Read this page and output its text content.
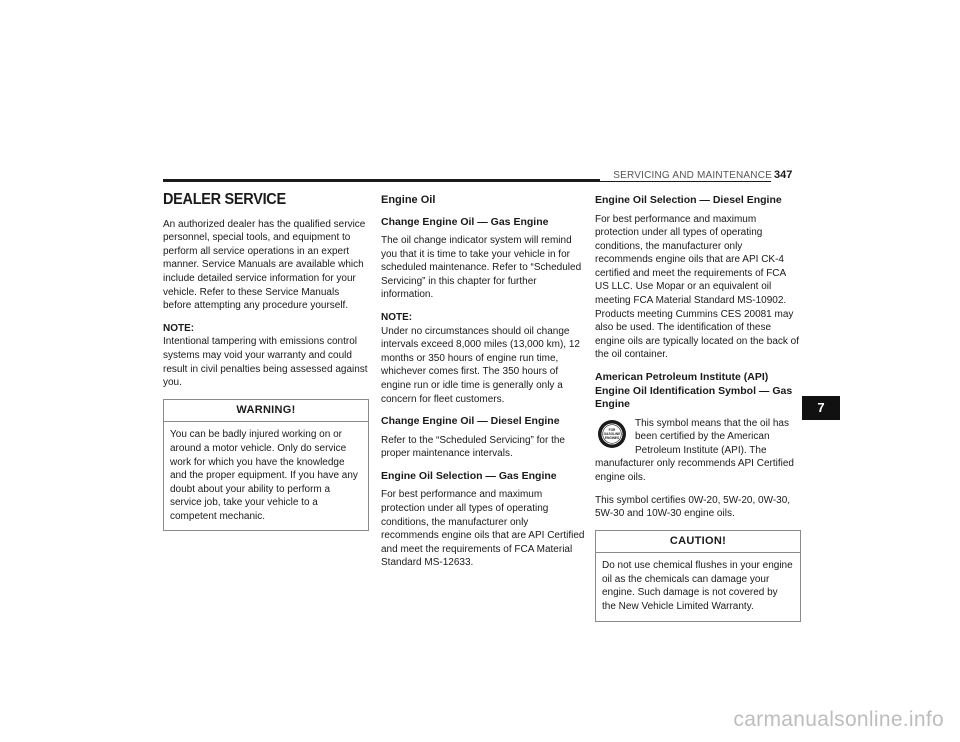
SERVICING AND MAINTENANCE 347
DEALER SERVICE

An authorized dealer has the qualified service personnel, special tools, and equipment to perform all service operations in an expert manner. Service Manuals are available which include detailed service information for your vehicle. Refer to these Service Manuals before attempting any procedure yourself.

NOTE:
Intentional tampering with emissions control systems may void your warranty and could result in civil penalties being assessed against you.

WARNING!
You can be badly injured working on or around a motor vehicle. Only do service work for which you have the knowledge and the proper equipment. If you have any doubt about your ability to perform a service job, take your vehicle to a competent mechanic.
Engine Oil
Change Engine Oil — Gas Engine

The oil change indicator system will remind you that it is time to take your vehicle in for scheduled maintenance. Refer to “Scheduled Servicing” in this chapter for further information.

NOTE:
Under no circumstances should oil change intervals exceed 8,000 miles (13,000 km), 12 months or 350 hours of engine run time, whichever comes first. The 350 hours of engine run or idle time is generally only a concern for fleet customers.

Change Engine Oil — Diesel Engine

Refer to the “Scheduled Servicing” for the proper maintenance intervals.

Engine Oil Selection — Gas Engine

For best performance and maximum protection under all types of operating conditions, the manufacturer only recommends engine oils that are API Certified and meet the requirements of FCA Material Standard MS-12633.

Engine Oil Selection — Diesel Engine

For best performance and maximum protection under all types of operating conditions, the manufacturer only recommends engine oils that are API CK-4 certified and meet the requirements of FCA US LLC. Use Mopar or an equivalent oil meeting FCA Material Standard MS-10902. Products meeting Cummins CES 20081 may also be used. The identification of these engine oils are typically located on the back of the oil container.

American Petroleum Institute (API) Engine Oil Identification Symbol — Gas Engine
FOR
GASOLINE
ENGINES

This symbol means that the oil has been certified by the American Petroleum Institute (API). The manufacturer only recommends API Certified engine oils.

This symbol certifies 0W-20, 5W-20, 0W-30, 5W-30 and 10W-30 engine oils.

CAUTION!
Do not use chemical flushes in your engine oil as the chemicals can damage your engine. Such damage is not covered by the New Vehicle Limited Warranty.
7
carmanualsonline.info
